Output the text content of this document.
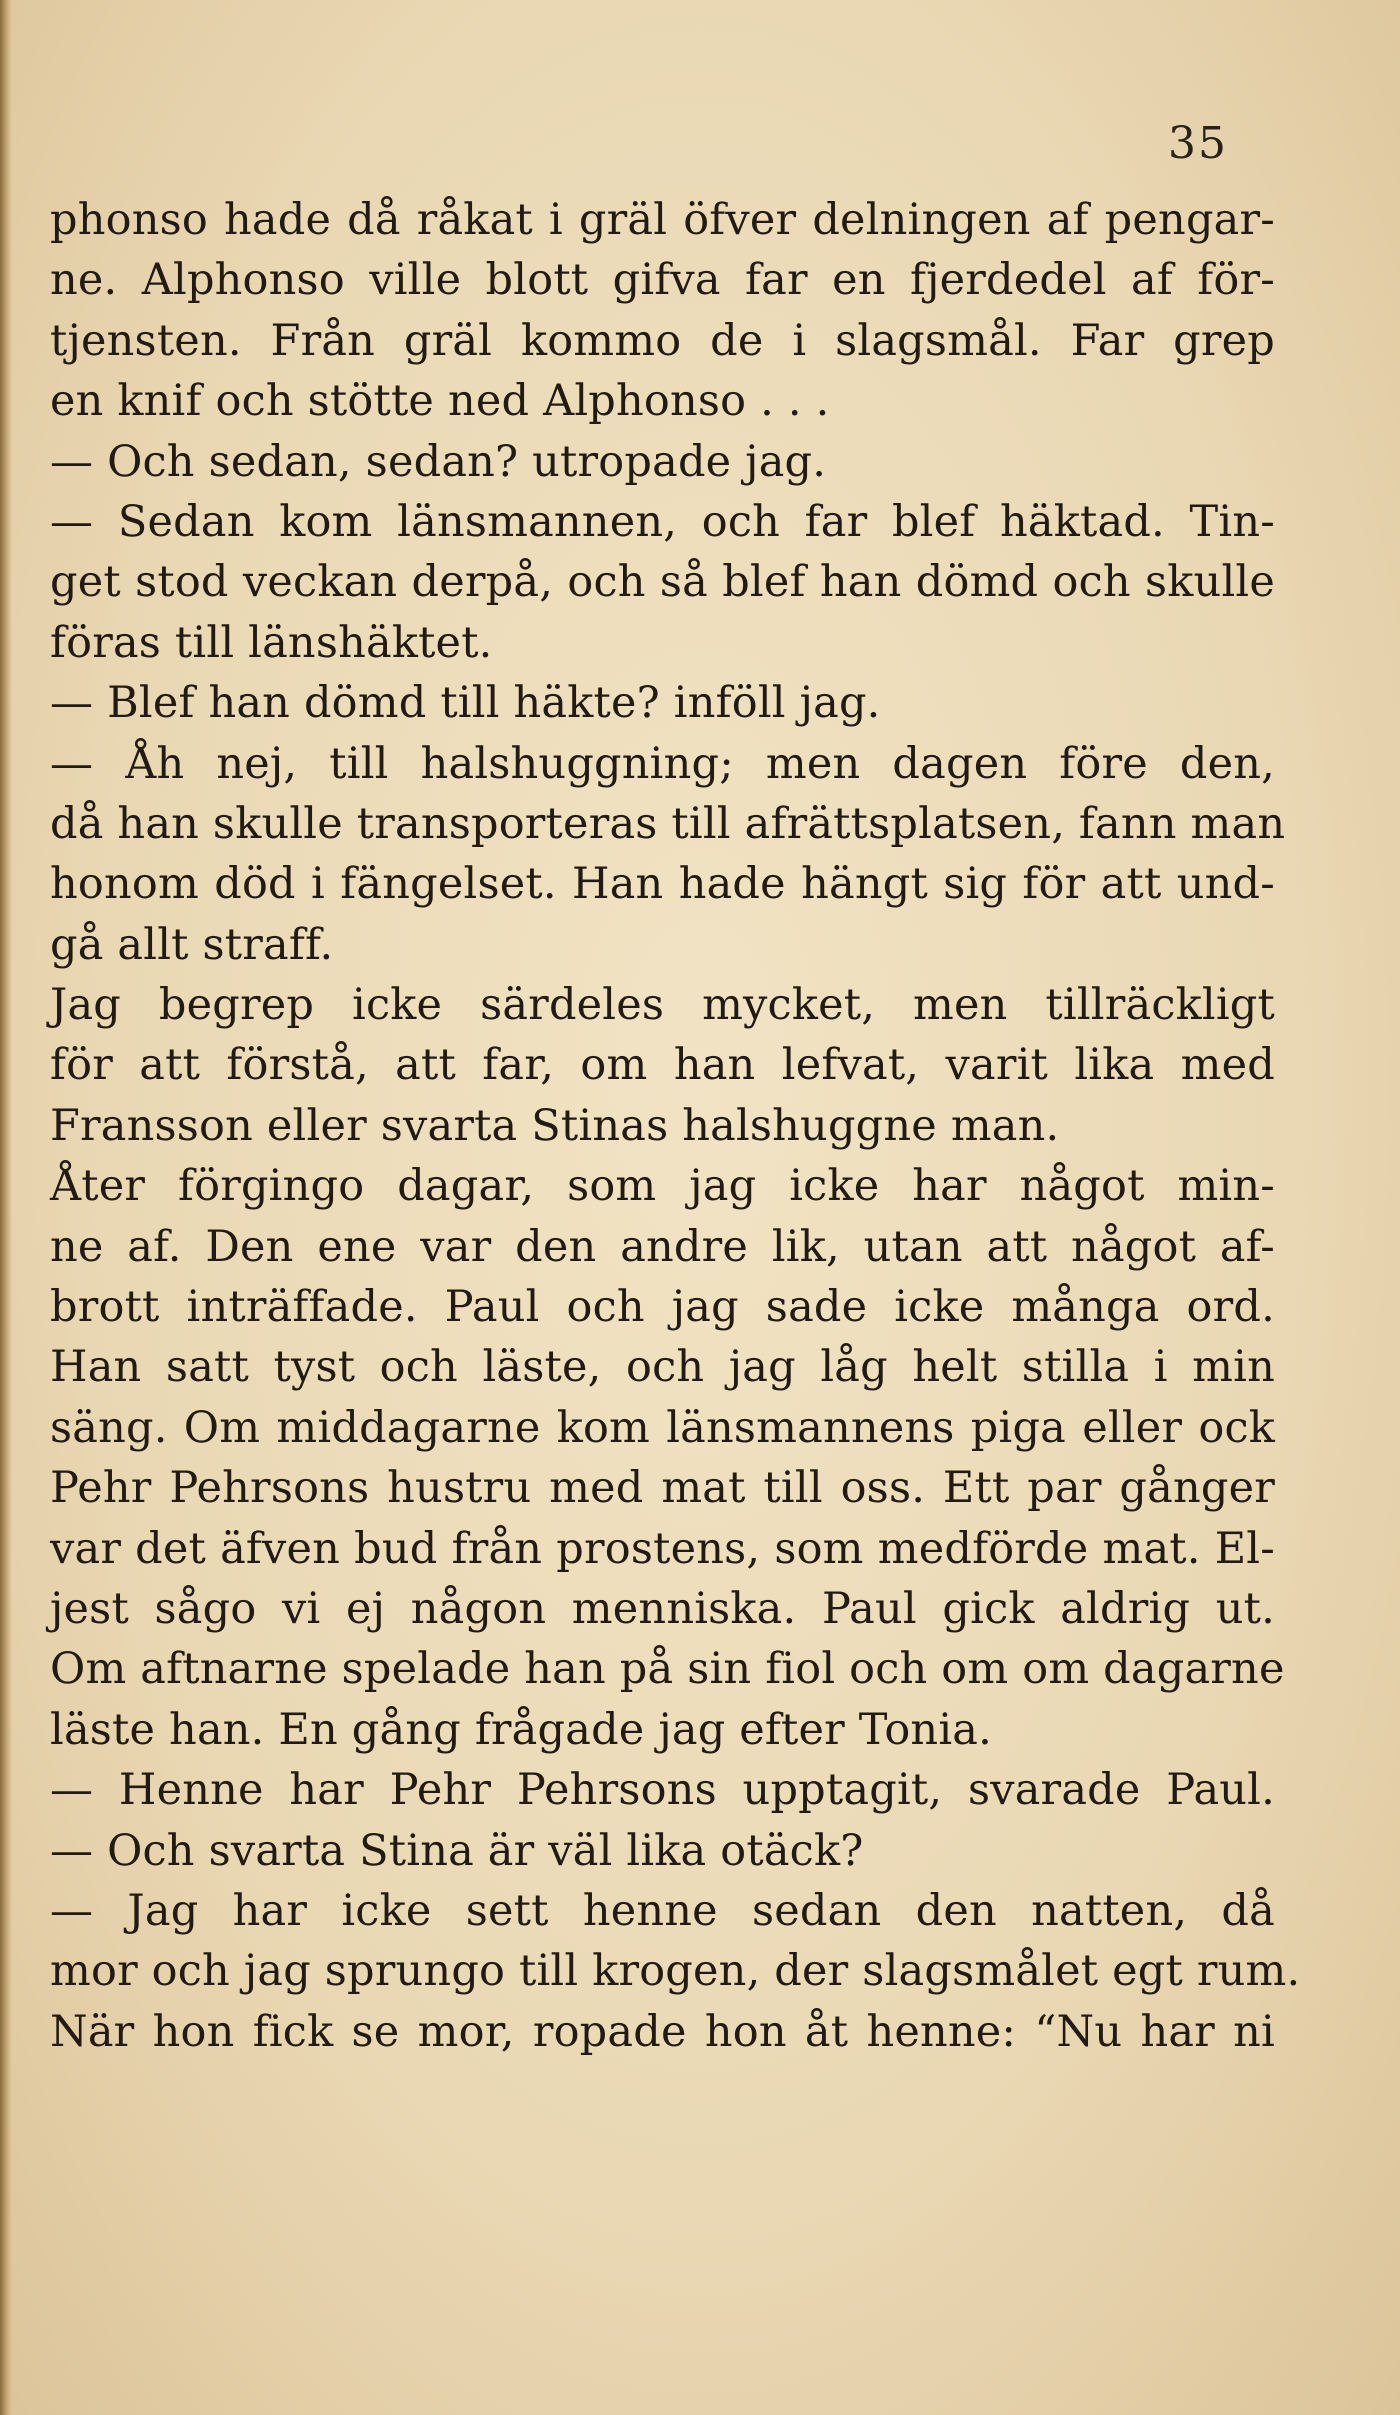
35
phonso hade då råkat i gräl öfver delningen af pengar-
ne. Alphonso ville blott gifva far en fjerdedel af för-
tjensten. Från gräl kommo de i slagsmål. Far grep
en knif och stötte ned Alphonso . . .
— Och sedan, sedan? utropade jag.
— Sedan kom länsmannen, och far blef häktad. Tin-
get stod veckan derpå, och så blef han dömd och skulle
föras till länshäktet.
— Blef han dömd till häkte? inföll jag.
— Åh nej, till halshuggning; men dagen före den,
då han skulle transporteras till afrättsplatsen, fann man
honom död i fängelset. Han hade hängt sig för att und-
gå allt straff.
Jag begrep icke särdeles mycket, men tillräckligt
för att förstå, att far, om han lefvat, varit lika med
Fransson eller svarta Stinas halshuggne man.
Åter förgingo dagar, som jag icke har något min-
ne af. Den ene var den andre lik, utan att något af-
brott inträffade. Paul och jag sade icke många ord.
Han satt tyst och läste, och jag låg helt stilla i min
säng. Om middagarne kom länsmannens piga eller ock
Pehr Pehrsons hustru med mat till oss. Ett par gånger
var det äfven bud från prostens, som medförde mat. El-
jest sågo vi ej någon menniska. Paul gick aldrig ut.
Om aftnarne spelade han på sin fiol och om om dagarne
läste han. En gång frågade jag efter Tonia.
— Henne har Pehr Pehrsons upptagit, svarade Paul.
— Och svarta Stina är väl lika otäck?
— Jag har icke sett henne sedan den natten, då
mor och jag sprungo till krogen, der slagsmålet egt rum.
När hon fick se mor, ropade hon åt henne: “Nu har ni
